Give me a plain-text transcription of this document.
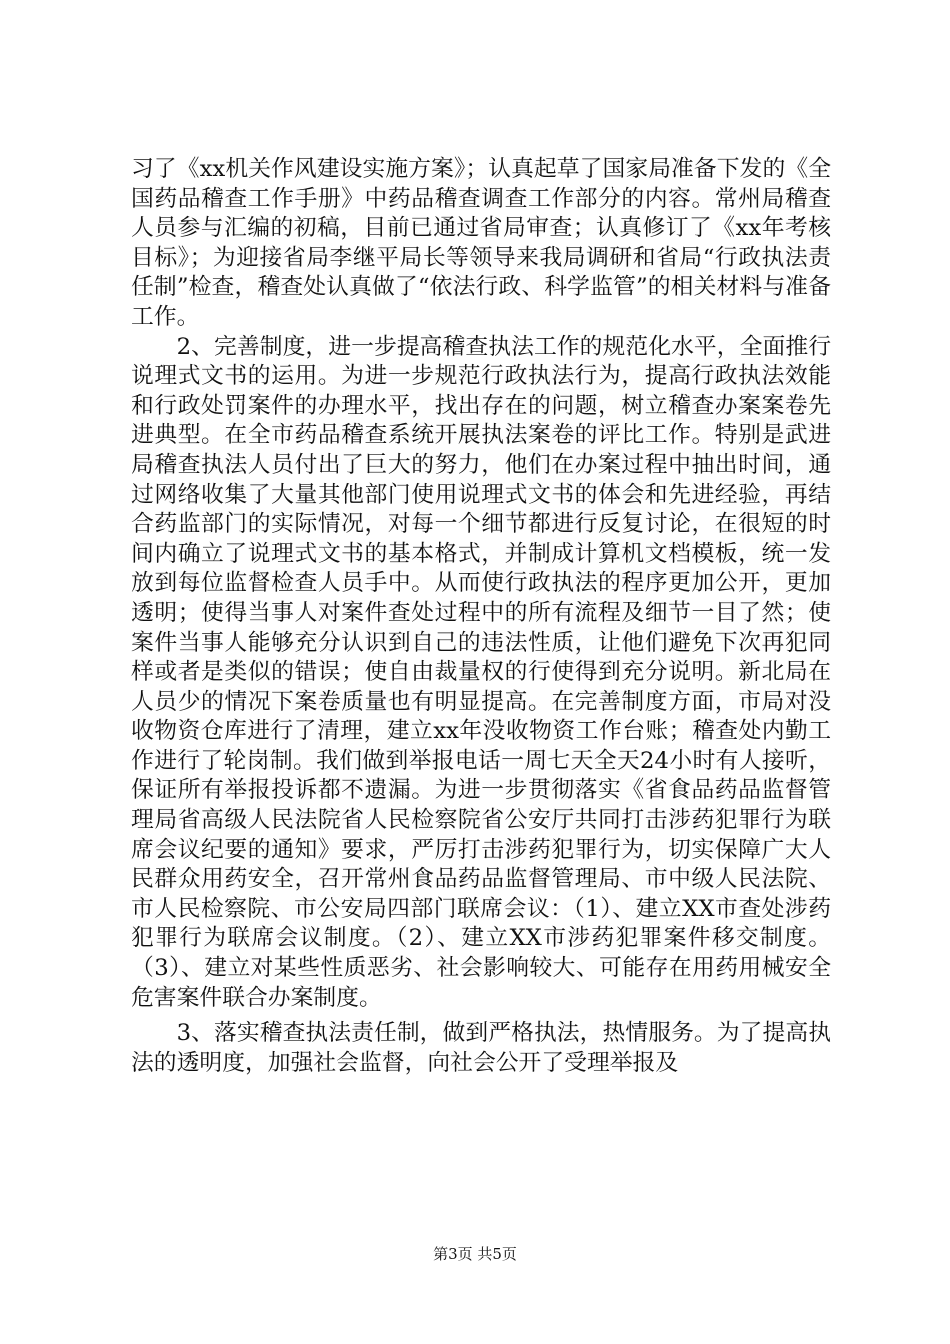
习了《xx机关作风建设实施方案》；认真起草了国家局准备下发的《全国药品稽查工作手册》中药品稽查调查工作部分的内容。常州局稽查人员参与汇编的初稿，目前已通过省局审查；认真修订了《xx年考核目标》；为迎接省局李继平局长等领导来我局调研和省局“行政执法责任制”检查，稽查处认真做了“依法行政、科学监管”的相关材料与准备工作。

2、完善制度，进一步提高稽查执法工作的规范化水平，全面推行说理式文书的运用。为进一步规范行政执法行为，提高行政执法效能和行政处罚案件的办理水平，找出存在的问题，树立稽查办案案卷先进典型。在全市药品稽查系统开展执法案卷的评比工作。特别是武进局稽查执法人员付出了巨大的努力，他们在办案过程中抽出时间，通过网络收集了大量其他部门使用说理式文书的体会和先进经验，再结合药监部门的实际情况，对每一个细节都进行反复讨论，在很短的时间内确立了说理式文书的基本格式，并制成计算机文档模板，统一发放到每位监督检查人员手中。从而使行政执法的程序更加公开，更加透明；使得当事人对案件查处过程中的所有流程及细节一目了然；使案件当事人能够充分认识到自己的违法性质，让他们避免下次再犯同样或者是类似的错误；使自由裁量权的行使得到充分说明。新北局在人员少的情况下案卷质量也有明显提高。在完善制度方面，市局对没收物资仓库进行了清理，建立xx年没收物资工作台账；稽查处内勤工作进行了轮岗制。我们做到举报电话一周七天全天24小时有人接听，保证所有举报投诉都不遗漏。为进一步贯彻落实《省食品药品监督管理局省高级人民法院省人民检察院省公安厅共同打击涉药犯罪行为联席会议纪要的通知》要求，严厉打击涉药犯罪行为，切实保障广大人民群众用药安全，召开常州食品药品监督管理局、市中级人民法院、市人民检察院、市公安局四部门联席会议：（1）、建立XX市查处涉药犯罪行为联席会议制度。（2）、建立XX市涉药犯罪案件移交制度。（3）、建立对某些性质恶劣、社会影响较大、可能存在用药用械安全危害案件联合办案制度。

3、落实稽查执法责任制，做到严格执法，热情服务。为了提高执法的透明度，加强社会监督，向社会公开了受理举报及

第3页 共5页
